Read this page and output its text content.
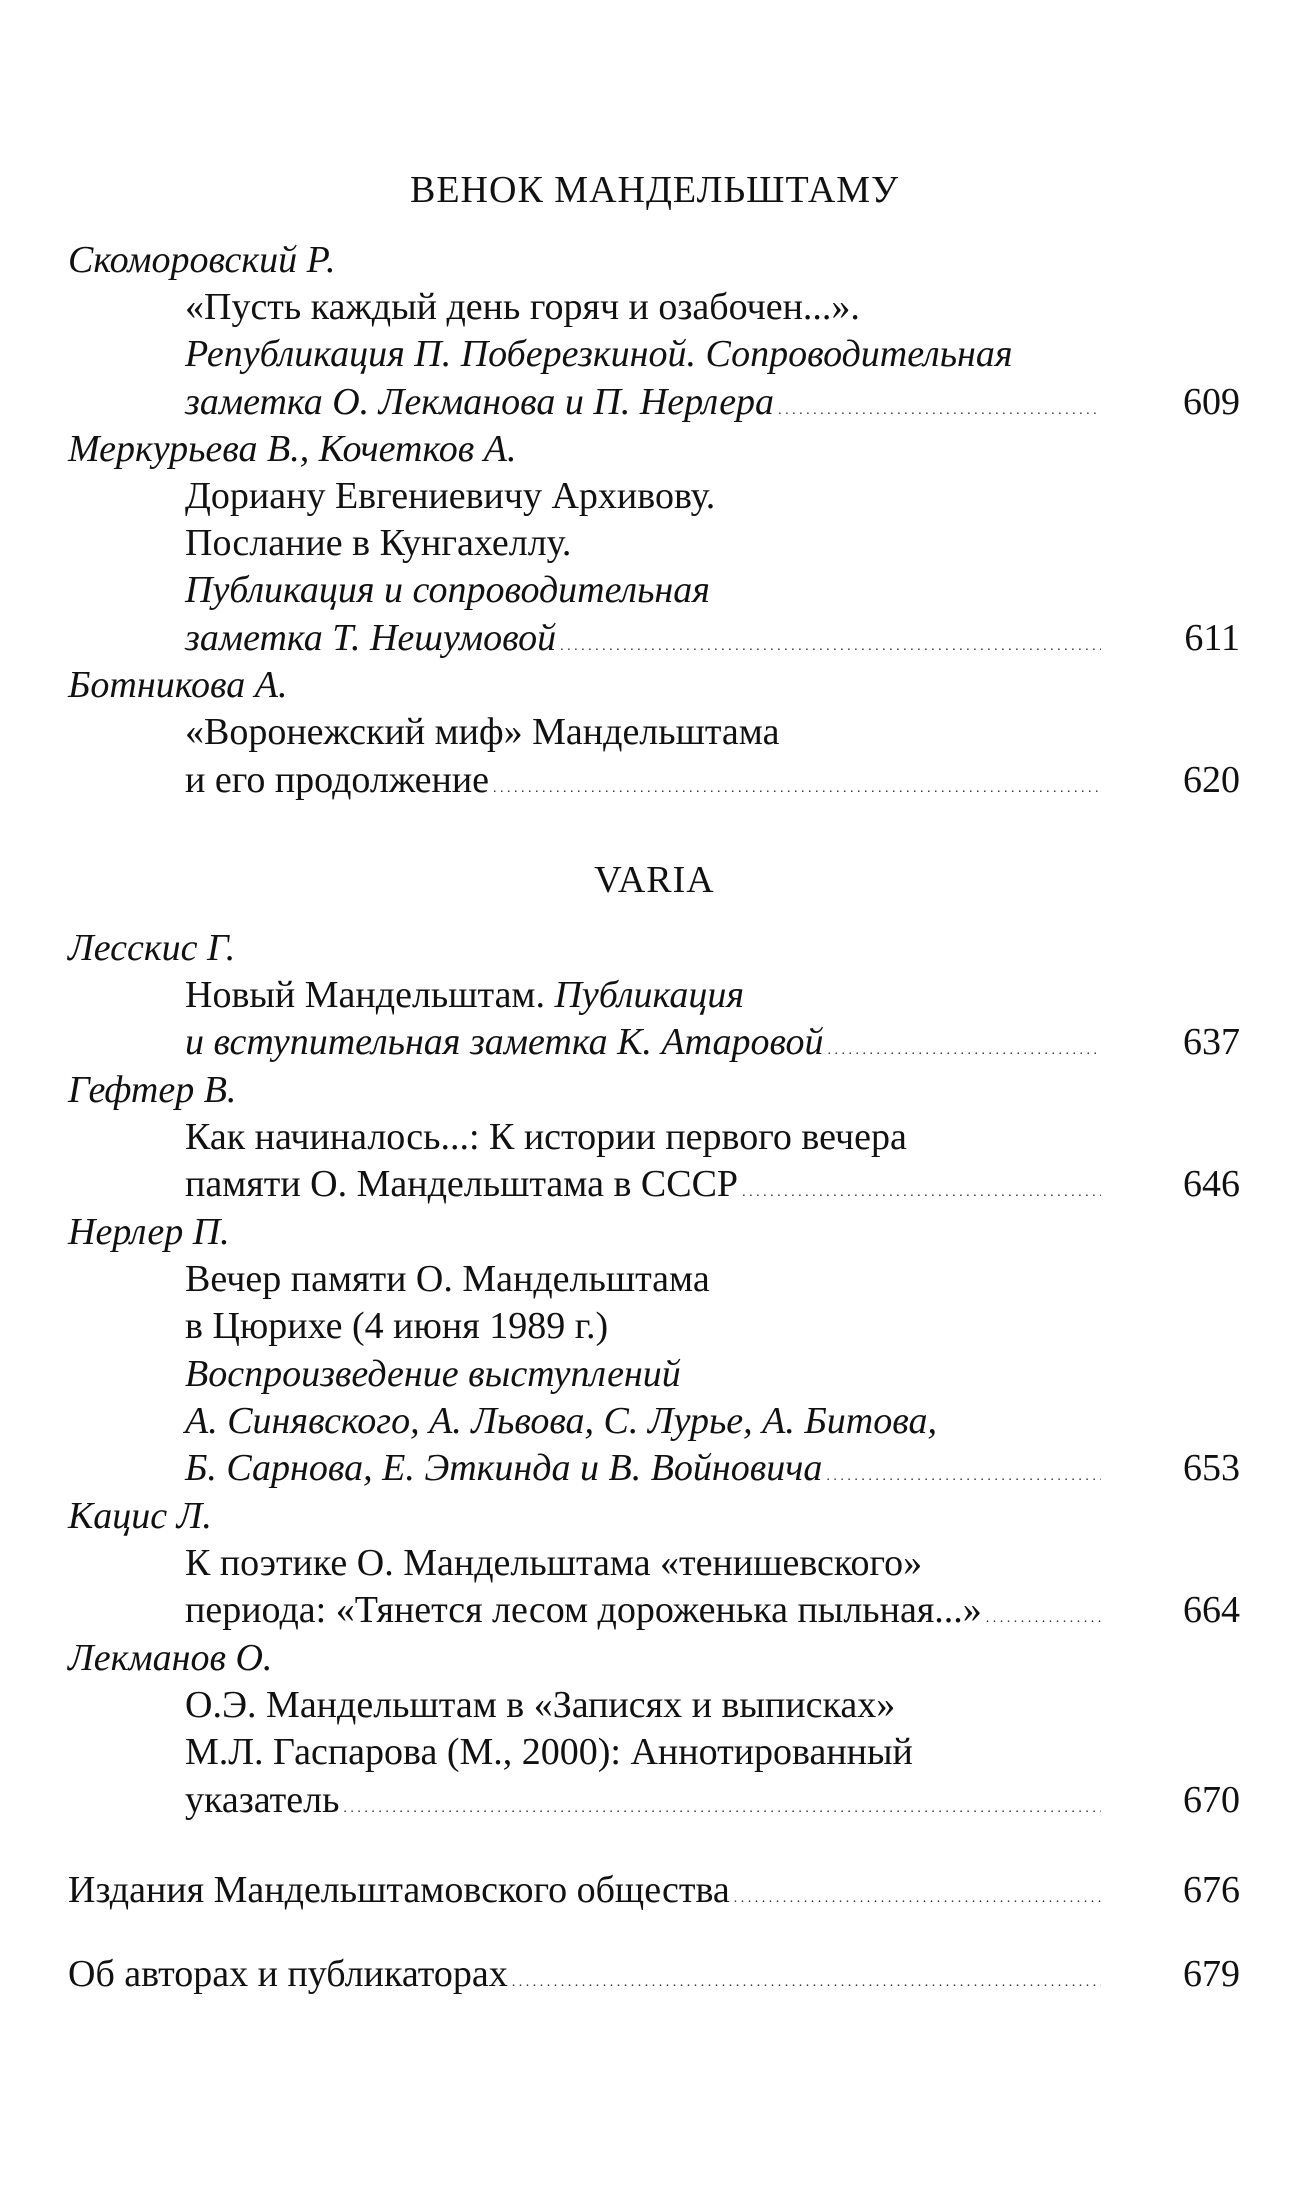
ВЕНОК МАНДЕЛЬШТАМУ
Скоморовский Р.
«Пусть каждый день горяч и озабочен...».
Републикация П. Поберезкиной. Сопроводительная
заметка О. Лекманова и П. Нерлера . . .	609
Меркурьева В., Кочетков А.
Дориану Евгениевичу Архивову.
Послание в Кунгахеллу.
Публикация и сопроводительная
заметка Т. Нешумовой . . .	611
Ботникова А.
«Воронежский миф» Мандельштама
и его продолжение . . .	620
VARIA
Лесскис Г.
Новый Мандельштам. Публикация
и вступительная заметка К. Атаровой . . .	637
Гефтер В.
Как начиналось...: К истории первого вечера
памяти О. Мандельштама в СССР . . .	646
Нерлер П.
Вечер памяти О. Мандельштама
в Цюрихе (4 июня 1989 г.)
Воспроизведение выступлений
А. Синявского, А. Львова, С. Лурье, А. Битова,
Б. Сарнова, Е. Эткинда и В. Войновича . . .	653
Кацис Л.
К поэтике О. Мандельштама «тенишевского»
периода: «Тянется лесом дороженька пыльная...» . . .	664
Лекманов О.
О.Э. Мандельштам в «Записях и выписках»
М.Л. Гаспарова (М., 2000): Аннотированный
указатель . . .	670
Издания Мандельштамовского общества . . .	676
Об авторах и публикаторах . . .	679
